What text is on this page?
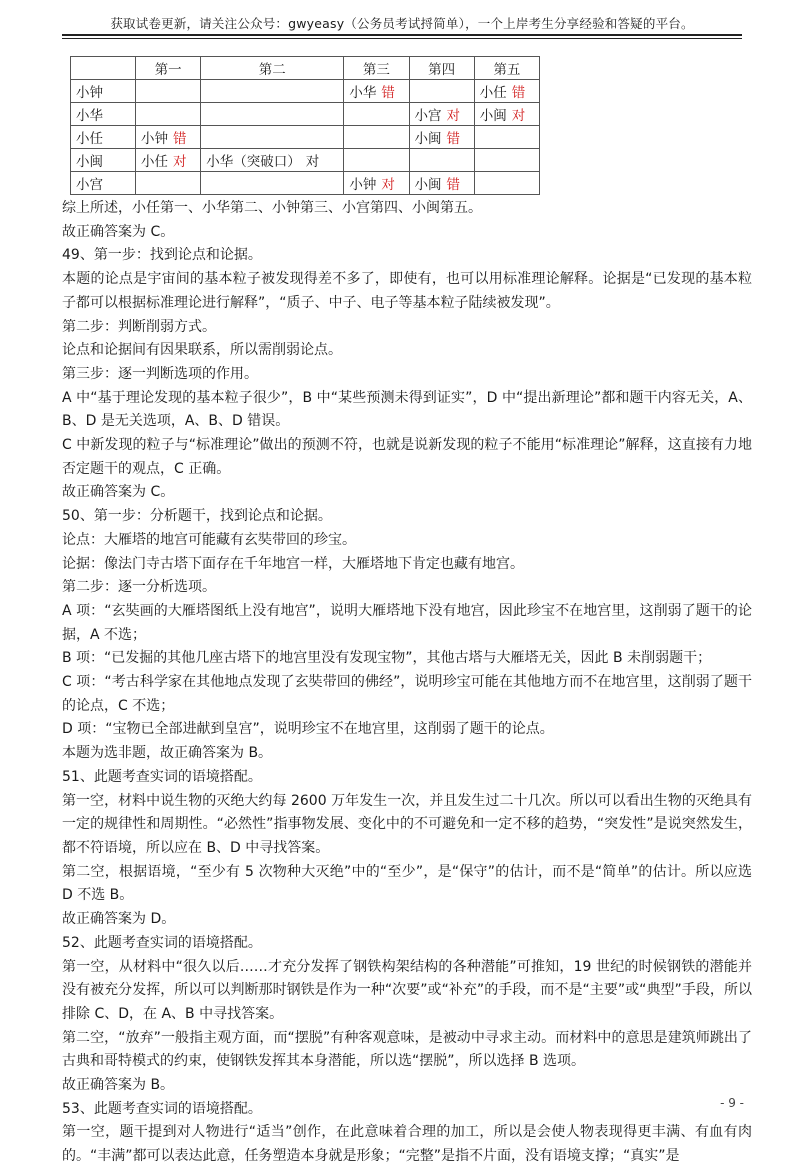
获取试卷更新，请关注公众号：gwyeasy（公务员考试捋简单），一个上岸考生分享经验和答疑的平台。
	第一	第二	第三	第四	第五
小钟			小华 错		小任 错
小华				小宫 对	小闽 对
小任	小钟 错			小闽 错	
小闽	小任 对	小华（突破口） 对			
小宫			小钟 对	小闽 错	

综上所述，小任第一、小华第二、小钟第三、小宫第四、小闽第五。

故正确答案为 C。

49、第一步：找到论点和论据。

本题的论点是宇宙间的基本粒子被发现得差不多了，即使有，也可以用标准理论解释。论据是“已发现的基本粒子都可以根据标准理论进行解释”，“质子、中子、电子等基本粒子陆续被发现”。

第二步：判断削弱方式。

论点和论据间有因果联系，所以需削弱论点。

第三步：逐一判断选项的作用。

A 中“基于理论发现的基本粒子很少”，B 中“某些预测未得到证实”，D 中“提出新理论”都和题干内容无关，A、B、D 是无关选项，A、B、D 错误。

C 中新发现的粒子与“标准理论”做出的预测不符，也就是说新发现的粒子不能用“标准理论”解释，这直接有力地否定题干的观点，C 正确。

故正确答案为 C。

50、第一步：分析题干，找到论点和论据。

论点：大雁塔的地宫可能藏有玄奘带回的珍宝。

论据：像法门寺古塔下面存在千年地宫一样，大雁塔地下肯定也藏有地宫。

第二步：逐一分析选项。

A 项：“玄奘画的大雁塔图纸上没有地宫”，说明大雁塔地下没有地宫，因此珍宝不在地宫里，这削弱了题干的论据，A 不选；

B 项：“已发掘的其他几座古塔下的地宫里没有发现宝物”，其他古塔与大雁塔无关，因此 B 未削弱题干；

C 项：“考古科学家在其他地点发现了玄奘带回的佛经”，说明珍宝可能在其他地方而不在地宫里，这削弱了题干的论点，C 不选；

D 项：“宝物已全部进献到皇宫”，说明珍宝不在地宫里，这削弱了题干的论点。

本题为选非题，故正确答案为 B。

51、此题考查实词的语境搭配。

第一空，材料中说生物的灭绝大约每 2600 万年发生一次，并且发生过二十几次。所以可以看出生物的灭绝具有一定的规律性和周期性。“必然性”指事物发展、变化中的不可避免和一定不移的趋势，“突发性”是说突然发生，都不符语境，所以应在 B、D 中寻找答案。

第二空，根据语境，“至少有 5 次物种大灭绝”中的“至少”，是“保守”的估计，而不是“简单”的估计。所以应选 D 不选 B。

故正确答案为 D。

52、此题考查实词的语境搭配。

第一空，从材料中“很久以后……才充分发挥了钢铁构架结构的各种潜能”可推知，19 世纪的时候钢铁的潜能并没有被充分发挥，所以可以判断那时钢铁是作为一种“次要”或“补充”的手段，而不是“主要”或“典型”手段，所以排除 C、D，在 A、B 中寻找答案。

第二空，“放弃”一般指主观方面，而“摆脱”有种客观意味，是被动中寻求主动。而材料中的意思是建筑师跳出了古典和哥特模式的约束，使钢铁发挥其本身潜能，所以选“摆脱”，所以选择 B 选项。

故正确答案为 B。

53、此题考查实词的语境搭配。

第一空，题干提到对人物进行“适当”创作，在此意味着合理的加工，所以是会使人物表现得更丰满、有血有肉的。“丰满”都可以表达此意，任务塑造本身就是形象；“完整”是指不片面，没有语境支撑；“真实”是

- 9 -
